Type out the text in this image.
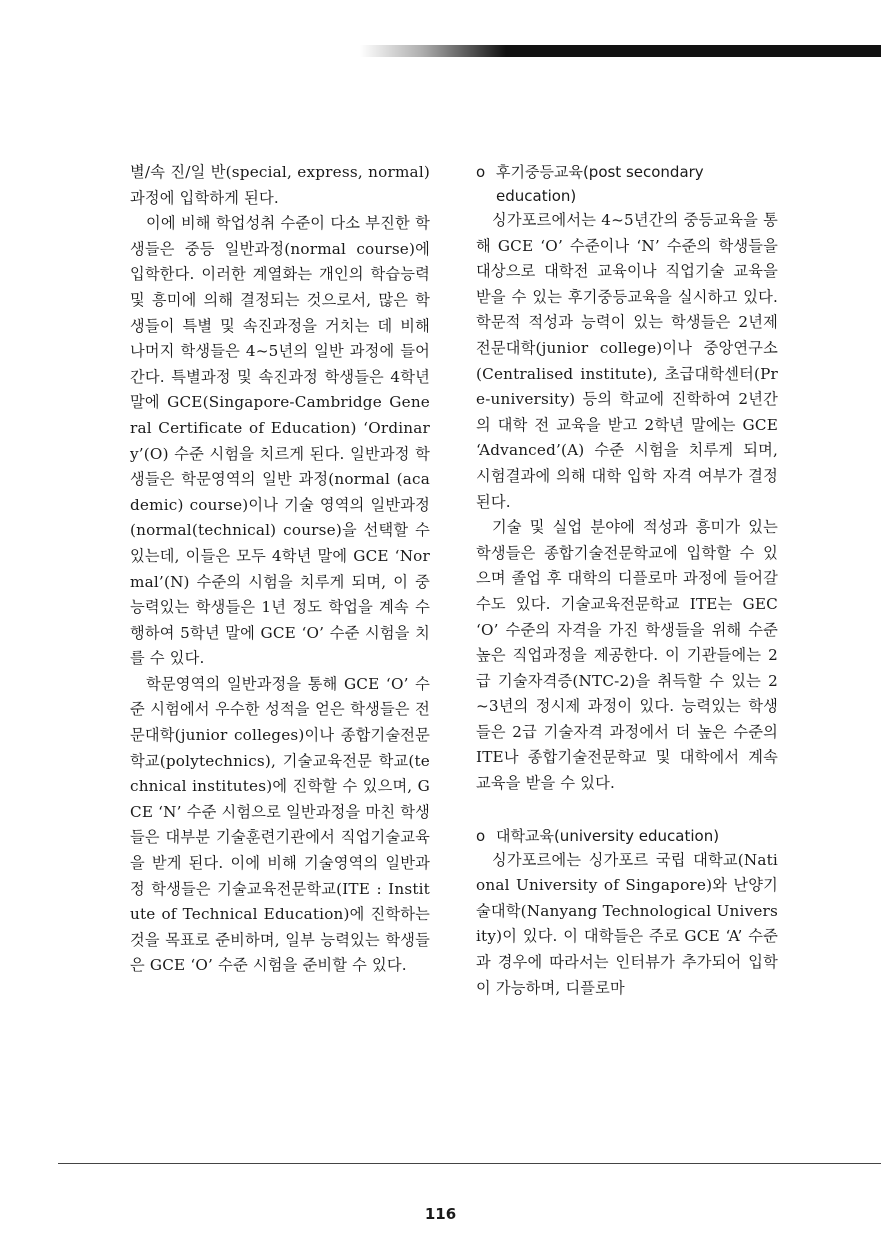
별/속 진/일 반(special, express, normal) 과정에 입학하게 된다.

이에 비해 학업성취 수준이 다소 부진한 학생들은 중등 일반과정(normal course)에 입학한다. 이러한 계열화는 개인의 학습능력 및 흥미에 의해 결정되는 것으로서, 많은 학생들이 특별 및 속진과정을 거치는 데 비해 나머지 학생들은 4~5년의 일반 과정에 들어간다. 특별과정 및 속진과정 학생들은 4학년 말에 GCE(Singapore-Cambridge General Certificate of Education) ‘Ordinary’(O) 수준 시험을 치르게 된다. 일반과정 학생들은 학문영역의 일반 과정(normal (academic) course)이나 기술 영역의 일반과정(normal(technical) course)을 선택할 수 있는데, 이들은 모두 4학년 말에 GCE ‘Normal’(N) 수준의 시험을 치루게 되며, 이 중 능력있는 학생들은 1년 정도 학업을 계속 수행하여 5학년 말에 GCE ‘O’ 수준 시험을 치를 수 있다.

학문영역의 일반과정을 통해 GCE ‘O’ 수준 시험에서 우수한 성적을 얻은 학생들은 전문대학(junior colleges)이나 종합기술전문학교(polytechnics), 기술교육전문 학교(technical institutes)에 진학할 수 있으며, GCE ‘N’ 수준 시험으로 일반과정을 마친 학생들은 대부분 기술훈련기관에서 직업기술교육을 받게 된다. 이에 비해 기술영역의 일반과정 학생들은 기술교육전문학교(ITE : Institute of Technical Education)에 진학하는 것을 목표로 준비하며, 일부 능력있는 학생들은 GCE ‘O’ 수준 시험을 준비할 수 있다.

o 후기중등교육(post secondary education)

싱가포르에서는 4~5년간의 중등교육을 통해 GCE ‘O’ 수준이나 ‘N’ 수준의 학생들을 대상으로 대학전 교육이나 직업기술 교육을 받을 수 있는 후기중등교육을 실시하고 있다. 학문적 적성과 능력이 있는 학생들은 2년제 전문대학(junior college)이나 중앙연구소(Centralised institute), 초급대학센터(Pre-university) 등의 학교에 진학하여 2년간의 대학 전 교육을 받고 2학년 말에는 GCE ‘Advanced’(A) 수준 시험을 치루게 되며, 시험결과에 의해 대학 입학 자격 여부가 결정된다.

기술 및 실업 분야에 적성과 흥미가 있는 학생들은 종합기술전문학교에 입학할 수 있으며 졸업 후 대학의 디플로마 과정에 들어갈 수도 있다. 기술교육전문학교 ITE는 GEC ‘O’ 수준의 자격을 가진 학생들을 위해 수준 높은 직업과정을 제공한다. 이 기관들에는 2급 기술자격증(NTC-2)을 취득할 수 있는 2~3년의 정시제 과정이 있다. 능력있는 학생들은 2급 기술자격 과정에서 더 높은 수준의 ITE나 종합기술전문학교 및 대학에서 계속 교육을 받을 수 있다.

o 대학교육(university education)

싱가포르에는 싱가포르 국립 대학교(National University of Singapore)와 난양기술대학(Nanyang Technological University)이 있다. 이 대학들은 주로 GCE ‘A’ 수준과 경우에 따라서는 인터뷰가 추가되어 입학이 가능하며, 디플로마

116
